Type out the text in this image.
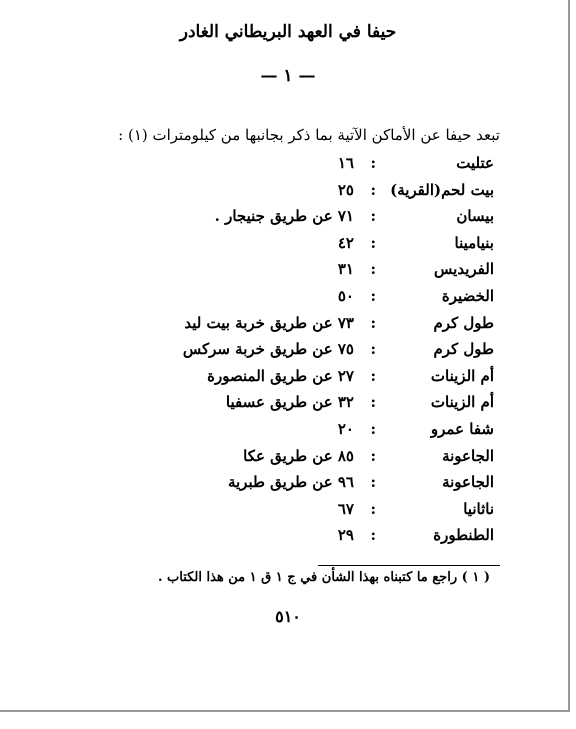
حيفا في العهد البريطاني الغادر
— ١ —
تبعد حيفا عن الأماكن الآتية بما ذكر بجانبها من كيلومترات (١) :
عتليت
:
١٦
بيت لحم(القرية)
:
٢٥
بيسان
:
٧١ عن طريق جنيجار .
بنيامينا
:
٤٢
الفريديس
:
٣١
الخضيرة
:
٥٠
طول كرم
:
٧٣ عن طريق خربة بيت ليد
طول كرم
:
٧٥ عن طريق خربة سركس
أم الزينات
:
٢٧ عن طريق المنصورة
أم الزينات
:
٣٢ عن طريق عسفيا
شفا عمرو
:
٢٠
الجاعونة
:
٨٥ عن طريق عكا
الجاعونة
:
٩٦ عن طريق طبرية
ناثانيا
:
٦٧
الطنطورة
:
٢٩
( ١ ) راجع ما كتبناه بهذا الشأن في ج ١ ق ١ من هذا الكتاب .
٥١٠
